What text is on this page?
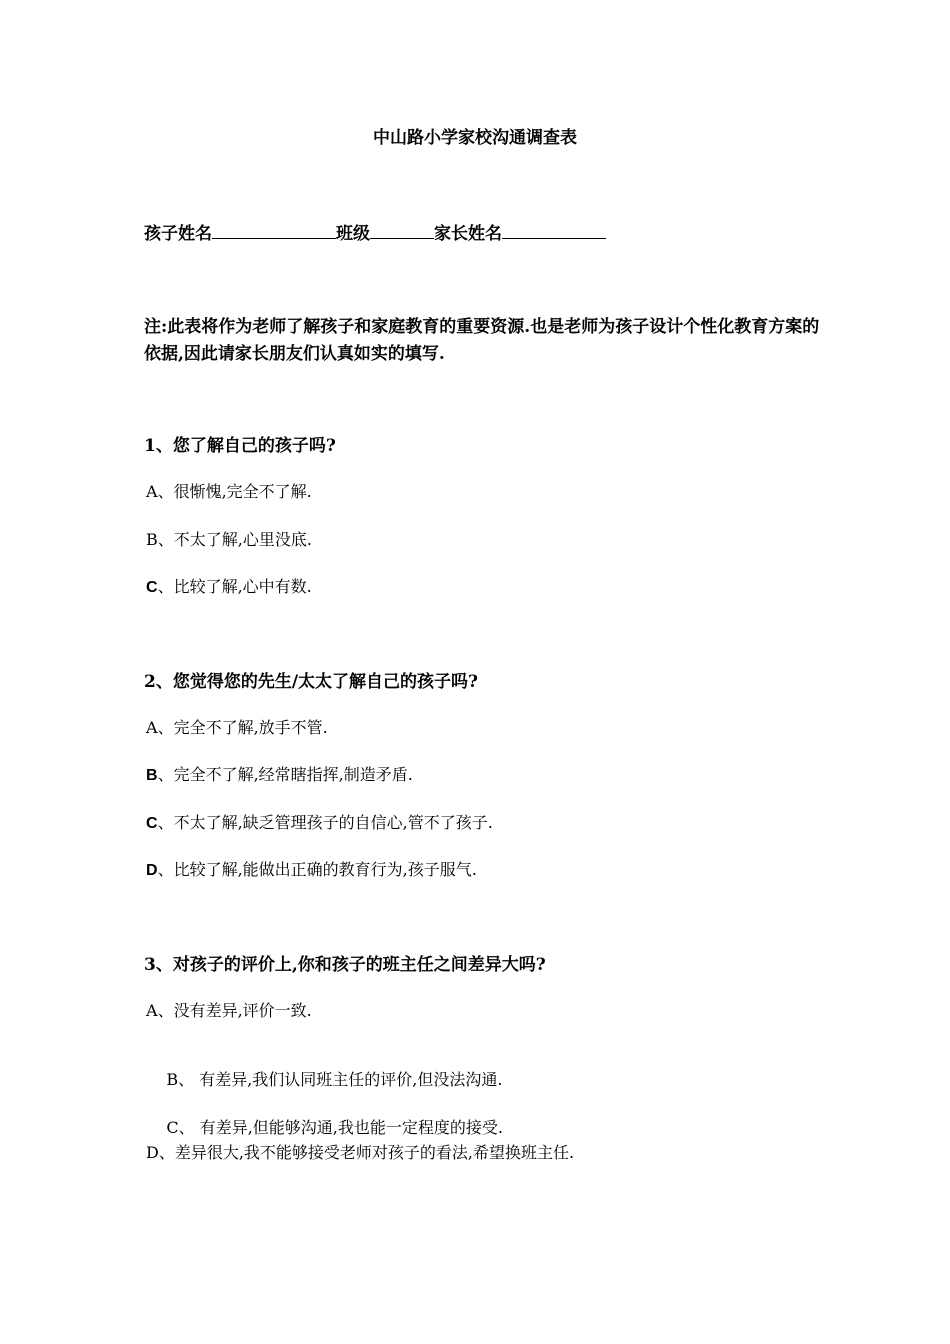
中山路小学家校沟通调查表
孩子姓名	班级	家长姓名
注:此表将作为老师了解孩子和家庭教育的重要资源.也是老师为孩子设计个性化教育方案的依据,因此请家长朋友们认真如实的填写.
1、您了解自己的孩子吗?
A、很惭愧,完全不了解.
B、不太了解,心里没底.
C、比较了解,心中有数.
2、您觉得您的先生/太太了解自己的孩子吗?
A、完全不了解,放手不管.
B、完全不了解,经常瞎指挥,制造矛盾.
C、不太了解,缺乏管理孩子的自信心,管不了孩子.
D、比较了解,能做出正确的教育行为,孩子服气.
3、对孩子的评价上,你和孩子的班主任之间差异大吗?
A、没有差异,评价一致.

B、 有差异,我们认同班主任的评价,但没法沟通.

C、 有差异,但能够沟通,我也能一定程度的接受.

D、差异很大,我不能够接受老师对孩子的看法,希望换班主任.
